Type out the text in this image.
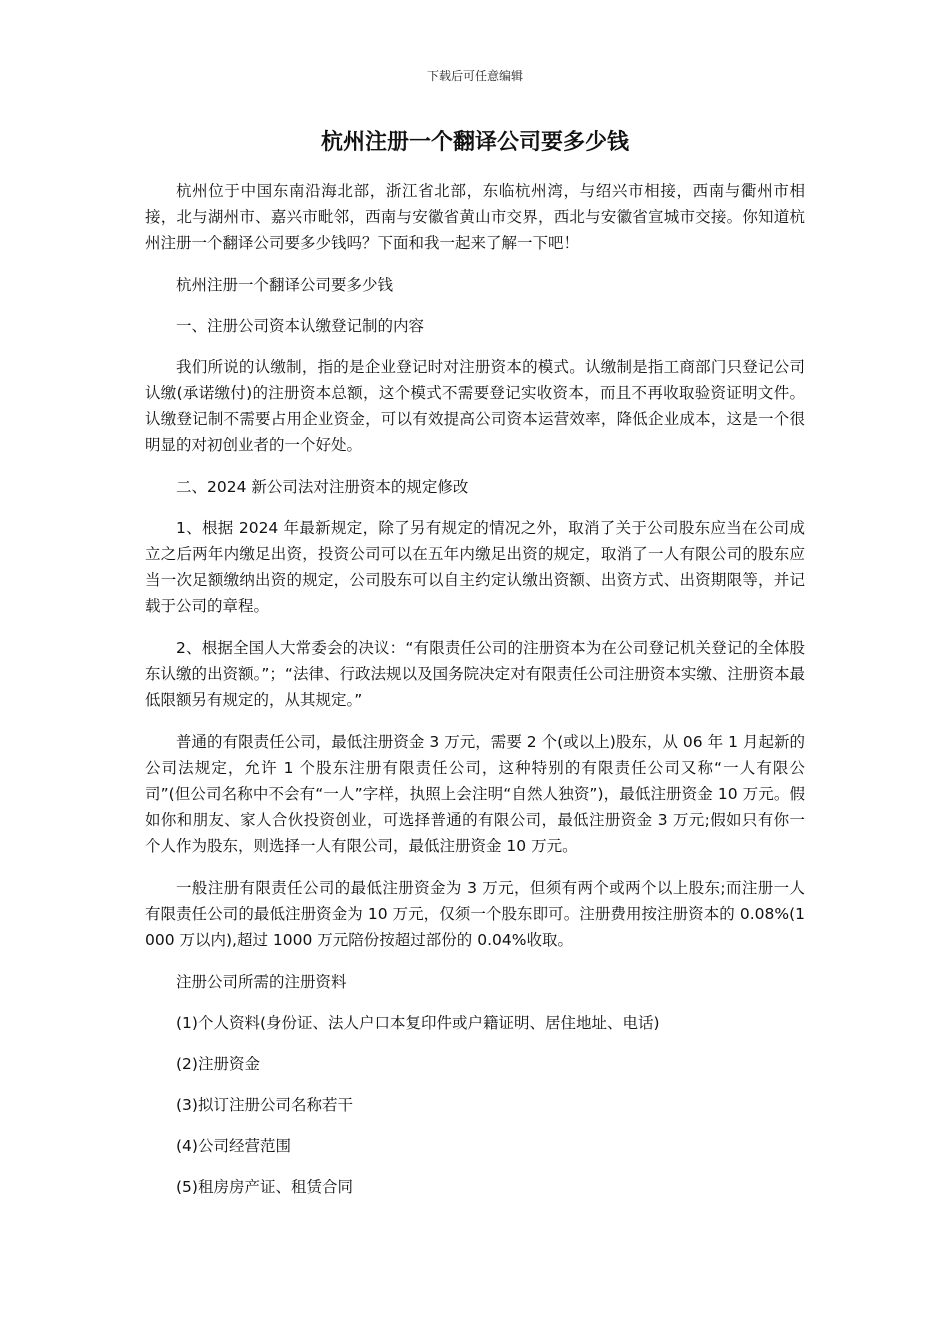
下载后可任意编辑
杭州注册一个翻译公司要多少钱

杭州位于中国东南沿海北部，浙江省北部，东临杭州湾，与绍兴市相接，西南与衢州市相接，北与湖州市、嘉兴市毗邻，西南与安徽省黄山市交界，西北与安徽省宣城市交接。你知道杭州注册一个翻译公司要多少钱吗？下面和我一起来了解一下吧！

杭州注册一个翻译公司要多少钱

一、注册公司资本认缴登记制的内容

我们所说的认缴制，指的是企业登记时对注册资本的模式。认缴制是指工商部门只登记公司认缴(承诺缴付)的注册资本总额，这个模式不需要登记实收资本，而且不再收取验资证明文件。认缴登记制不需要占用企业资金，可以有效提高公司资本运营效率，降低企业成本，这是一个很明显的对初创业者的一个好处。

二、2024 新公司法对注册资本的规定修改

1、根据 2024 年最新规定，除了另有规定的情况之外，取消了关于公司股东应当在公司成立之后两年内缴足出资，投资公司可以在五年内缴足出资的规定，取消了一人有限公司的股东应当一次足额缴纳出资的规定，公司股东可以自主约定认缴出资额、出资方式、出资期限等，并记载于公司的章程。

2、根据全国人大常委会的决议：“有限责任公司的注册资本为在公司登记机关登记的全体股东认缴的出资额。”；“法律、行政法规以及国务院决定对有限责任公司注册资本实缴、注册资本最低限额另有规定的，从其规定。”

普通的有限责任公司，最低注册资金 3 万元，需要 2 个(或以上)股东，从 06 年 1 月起新的公司法规定，允许 1 个股东注册有限责任公司，这种特别的有限责任公司又称“一人有限公司”(但公司名称中不会有“一人”字样，执照上会注明“自然人独资”)，最低注册资金 10 万元。假如你和朋友、家人合伙投资创业，可选择普通的有限公司，最低注册资金 3 万元;假如只有你一个人作为股东，则选择一人有限公司，最低注册资金 10 万元。

一般注册有限责任公司的最低注册资金为 3 万元，但须有两个或两个以上股东;而注册一人有限责任公司的最低注册资金为 10 万元，仅须一个股东即可。注册费用按注册资本的 0.08%(1000 万以内),超过 1000 万元陪份按超过部份的 0.04%收取。

注册公司所需的注册资料

(1)个人资料(身份证、法人户口本复印件或户籍证明、居住地址、电话)

(2)注册资金

(3)拟订注册公司名称若干

(4)公司经营范围

(5)租房房产证、租赁合同
